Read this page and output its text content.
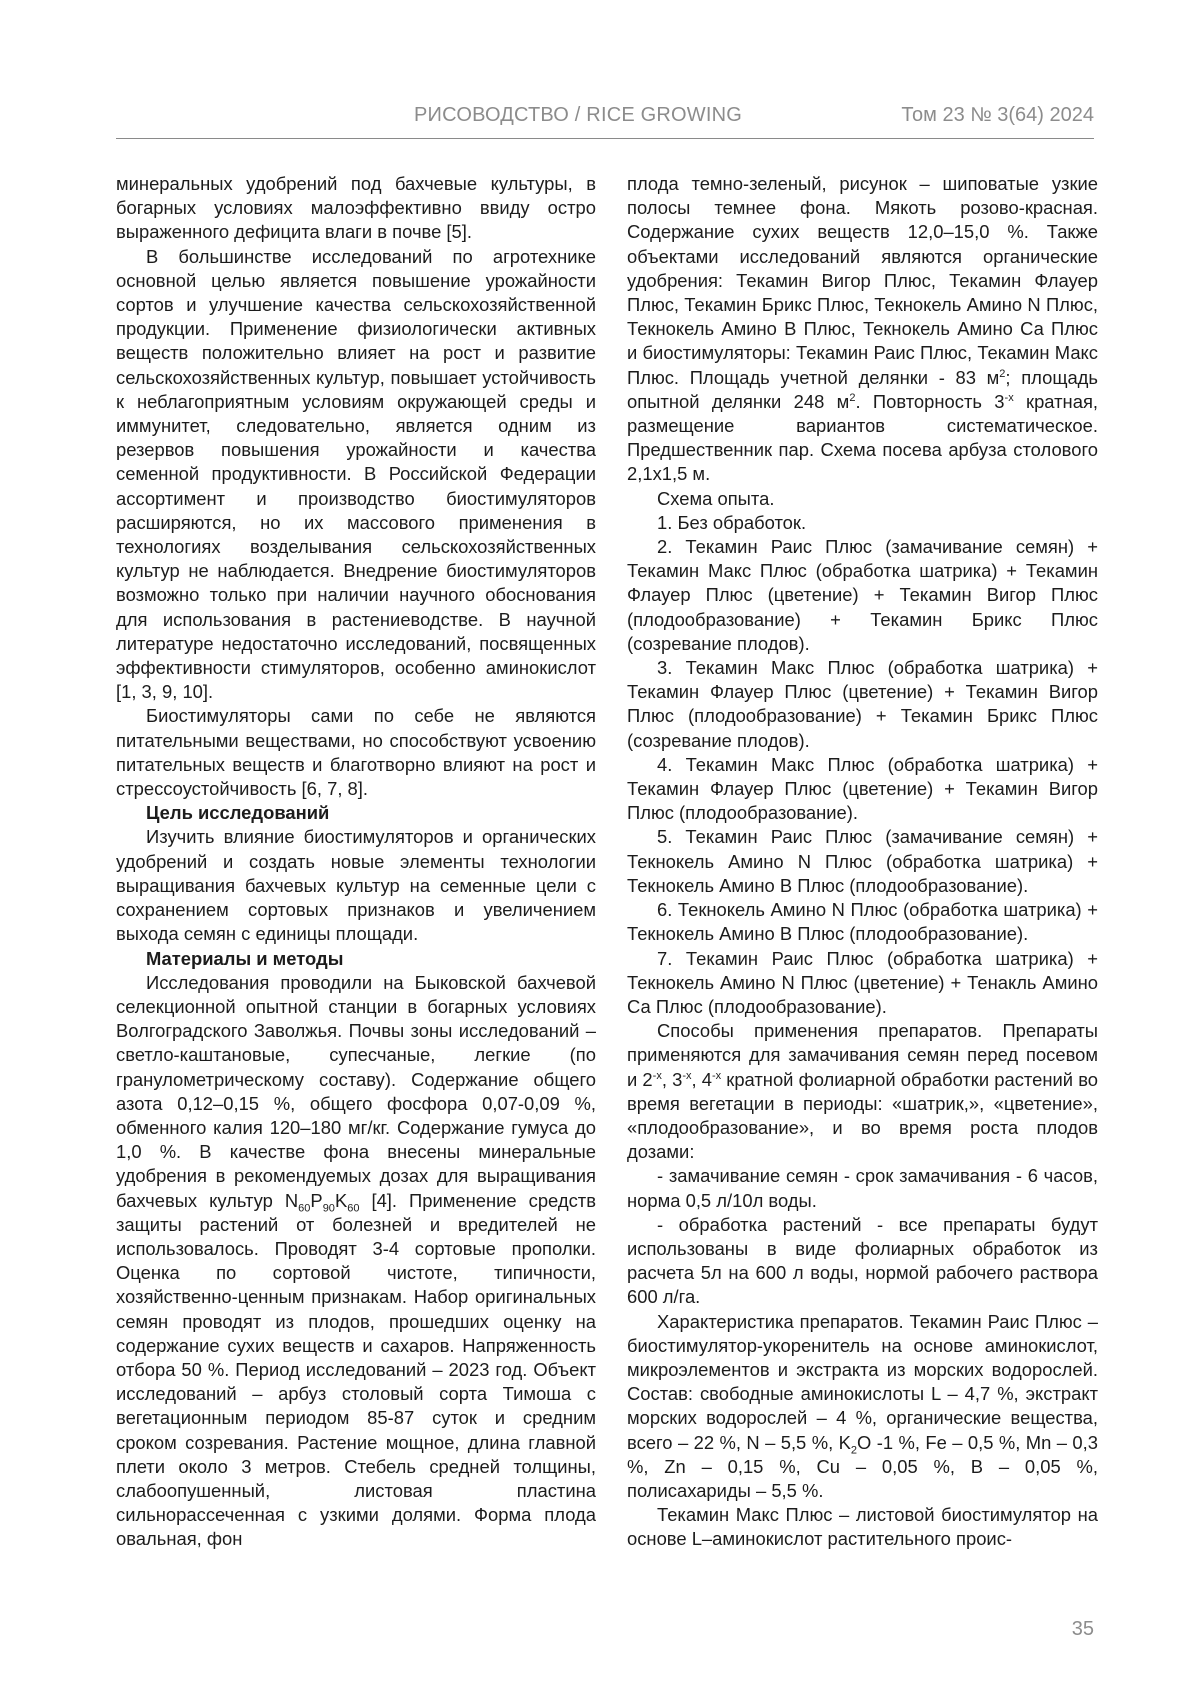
РИСОВОДСТВО / RICE GROWING	Том 23 № 3(64) 2024

минеральных удобрений под бахчевые культуры, в богарных условиях малоэффективно ввиду остро выраженного дефицита влаги в почве [5].

В большинстве исследований по агротехнике основной целью является повышение урожайности сортов и улучшение качества сельскохозяйственной продукции. Применение физиологически активных веществ положительно влияет на рост и развитие сельскохозяйственных культур, повышает устойчивость к неблагоприятным условиям окружающей среды и иммунитет, следовательно, является одним из резервов повышения урожайности и качества семенной продуктивности. В Российской Федерации ассортимент и производство биостимуляторов расширяются, но их массового применения в технологиях возделывания сельскохозяйственных культур не наблюдается. Внедрение биостимуляторов возможно только при наличии научного обоснования для использования в растениеводстве. В научной литературе недостаточно исследований, посвященных эффективности стимуляторов, особенно аминокислот [1, 3, 9, 10].

Биостимуляторы сами по себе не являются питательными веществами, но способствуют усвоению питательных веществ и благотворно влияют на рост и стрессоустойчивость [6, 7, 8].

Цель исследований

Изучить влияние биостимуляторов и органических удобрений и создать новые элементы технологии выращивания бахчевых культур на семенные цели с сохранением сортовых признаков и увеличением выхода семян с единицы площади.

Материалы и методы

Исследования проводили на Быковской бахчевой селекционной опытной станции в богарных условиях Волгоградского Заволжья. Почвы зоны исследований – светло-каштановые, супесчаные, легкие (по гранулометрическому составу). Содержание общего азота 0,12–0,15 %, общего фосфора 0,07-0,09 %, обменного калия 120–180 мг/кг. Содержание гумуса до 1,0 %. В качестве фона внесены минеральные удобрения в рекомендуемых дозах для выращивания бахчевых культур $N_{60}P_{90}K_{60}$ [4]. Применение средств защиты растений от болезней и вредителей не использовалось. Проводят 3-4 сортовые прополки. Оценка по сортовой чистоте, типичности, хозяйственно-ценным признакам. Набор оригинальных семян проводят из плодов, прошедших оценку на содержание сухих веществ и сахаров. Напряженность отбора 50 %. Период исследований – 2023 год. Объект исследований – арбуз столовый сорта Тимоша с вегетационным периодом 85-87 суток и средним сроком созревания. Растение мощное, длина главной плети около 3 метров. Стебель средней толщины, слабоопушенный, листовая пластина сильнорассеченная с узкими долями. Форма плода овальная, фон

плода темно-зеленый, рисунок – шиповатые узкие полосы темнее фона. Мякоть розово-красная. Содержание сухих веществ 12,0–15,0 %. Также объектами исследований являются органические удобрения: Текамин Вигор Плюс, Текамин Флауер Плюс, Текамин Брикс Плюс, Текнокель Амино N Плюс, Текнокель Амино В Плюс, Текнокель Амино Са Плюс и биостимуляторы: Текамин Раис Плюс, Текамин Макс Плюс. Площадь учетной делянки - 83 $м^2$; площадь опытной делянки 248 $м^2$. Повторность $3^{-х}$ кратная, размещение вариантов систематическое. Предшественник пар. Схема посева арбуза столового 2,1х1,5 м.

Схема опыта.

1. Без обработок.

2. Текамин Раис Плюс (замачивание семян) + Текамин Макс Плюс (обработка шатрика) + Текамин Флауер Плюс (цветение) + Текамин Вигор Плюс (плодообразование) + Текамин Брикс Плюс (созревание плодов).

3. Текамин Макс Плюс (обработка шатрика) + Текамин Флауер Плюс (цветение) + Текамин Вигор Плюс (плодообразование) + Текамин Брикс Плюс (созревание плодов).

4. Текамин Макс Плюс (обработка шатрика) + Текамин Флауер Плюс (цветение) + Текамин Вигор Плюс (плодообразование).

5. Текамин Раис Плюс (замачивание семян) + Текнокель Амино N Плюс (обработка шатрика) + Текнокель Амино В Плюс (плодообразование).

6. Текнокель Амино N Плюс (обработка шатрика) + Текнокель Амино В Плюс (плодообразование).

7. Текамин Раис Плюс (обработка шатрика) + Текнокель Амино N Плюс (цветение) + Тенакль Амино Са Плюс (плодообразование).

Способы применения препаратов. Препараты применяются для замачивания семян перед посевом и $2^{-х}$, $3^{-х}$, $4^{-х}$ кратной фолиарной обработки растений во время вегетации в периоды: «шатрик,», «цветение», «плодообразование», и во время роста плодов дозами:

- замачивание семян - срок замачивания - 6 часов, норма 0,5 л/10л воды.

- обработка растений - все препараты будут использованы в виде фолиарных обработок из расчета 5л на 600 л воды, нормой рабочего раствора 600 л/га.

Характеристика препаратов. Текамин Раис Плюс – биостимулятор-укоренитель на основе аминокислот, микроэлементов и экстракта из морских водорослей. Состав: свободные аминокислоты L – 4,7 %, экстракт морских водорослей – 4 %, органические вещества, всего – 22 %, N – 5,5 %, $K_2O$ -1 %, Fe – 0,5 %, Mn – 0,3 %, Zn – 0,15 %, Cu – 0,05 %, B – 0,05 %, полисахариды – 5,5 %.

Текамин Макс Плюс – листовой биостимулятор на основе L–аминокислот растительного проис-

35
